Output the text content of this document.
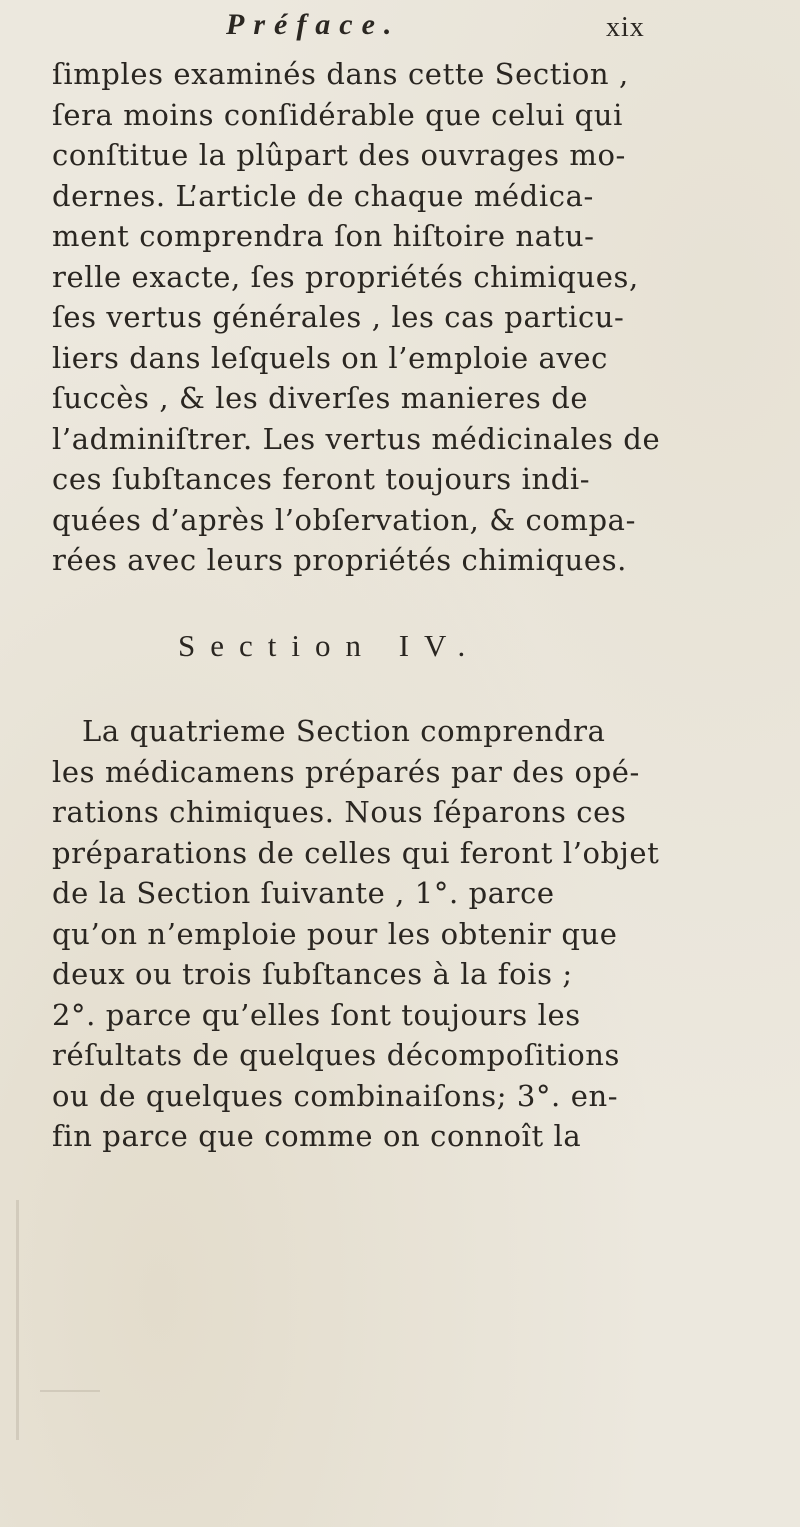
Préface.	xix
ſimples examinés dans cette Section ,
ſera moins conſidérable que celui qui
conſtitue la plûpart des ouvrages mo-
dernes. L’article de chaque médica-
ment comprendra ſon hiſtoire natu-
relle exacte, ſes propriétés chimiques,
ſes vertus générales , les cas particu-
liers dans leſquels on l’emploie avec
ſuccès , & les diverſes manieres de
l’adminiſtrer. Les vertus médicinales de
ces ſubſtances feront toujours indi-
quées d’après l’obſervation, & compa-
rées avec leurs propriétés chimiques.
Section IV.
La quatrieme Section comprendra
les médicamens préparés par des opé-
rations chimiques. Nous ſéparons ces
préparations de celles qui feront l’objet
de la Section ſuivante , 1°. parce
qu’on n’emploie pour les obtenir que
deux ou trois ſubſtances à la fois ;
2°. parce qu’elles ſont toujours les
réſultats de quelques décompoſitions
ou de quelques combinaiſons; 3°. en-
fin parce que comme on connoît la
